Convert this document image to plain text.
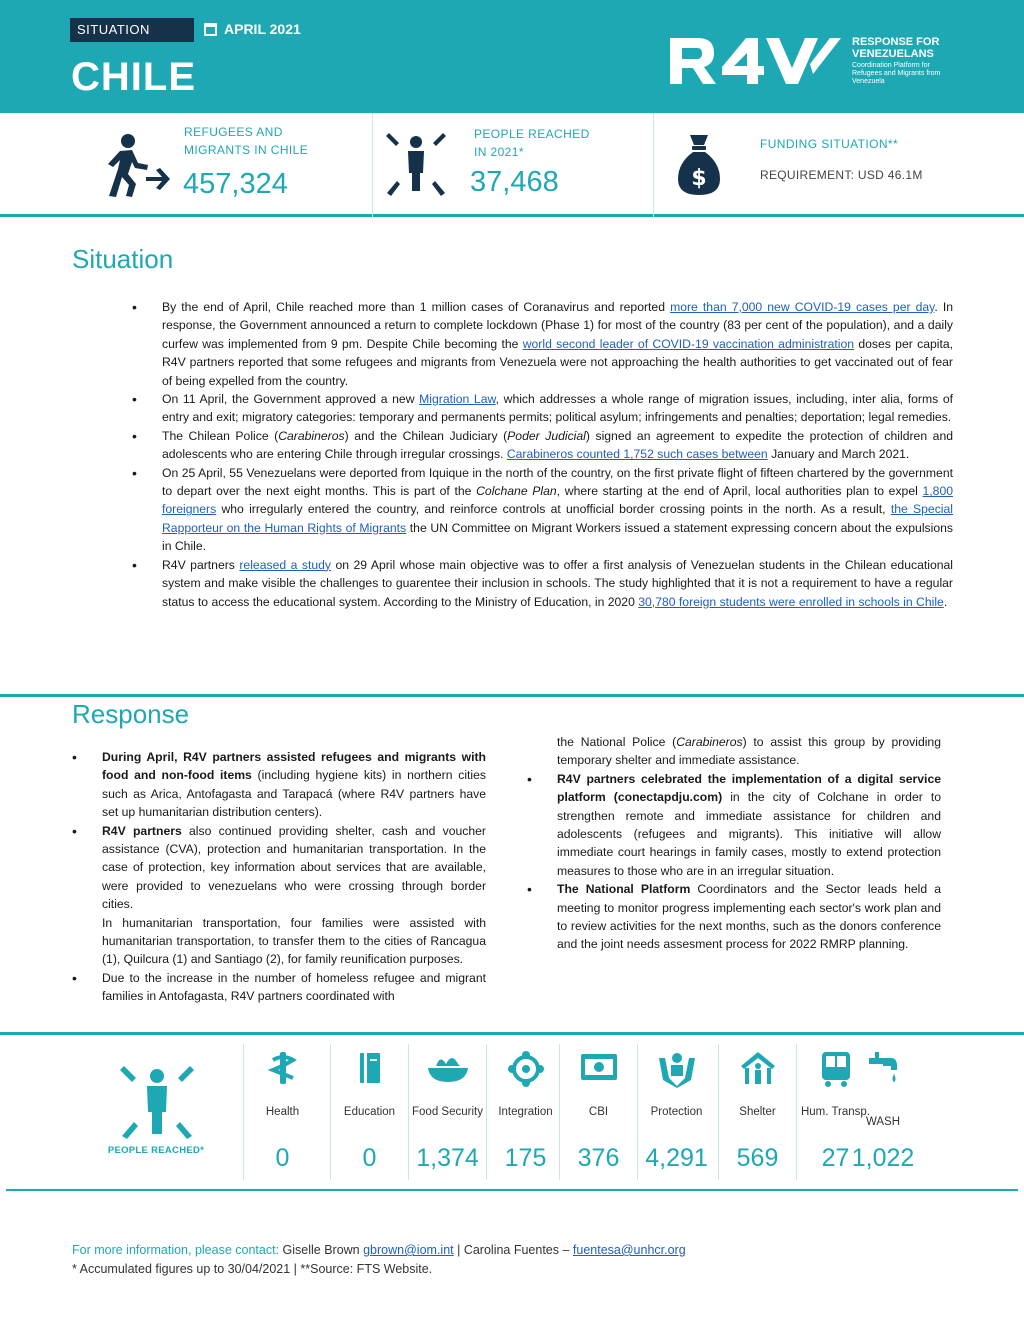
SITUATION	APRIL 2021
CHILE
RESPONSE FOR
VENEZUELANS
Coordination Platform for Refugees and Migrants from Venezuela
REFUGEES AND
MIGRANTS IN CHILE
457,324
PEOPLE REACHED
IN 2021*
37,468	$
FUNDING SITUATION**
REQUIREMENT: USD 46.1M
Situation
• By the end of April, Chile reached more than 1 million cases of Coranavirus and reported more than 7,000 new COVID-19 cases per day. In response, the Government announced a return to complete lockdown (Phase 1) for most of the country (83 per cent of the population), and a daily curfew was implemented from 9 pm. Despite Chile becoming the world second leader of COVID-19 vaccination administration doses per capita, R4V partners reported that some refugees and migrants from Venezuela were not approaching the health authorities to get vaccinated out of fear of being expelled from the country.
• On 11 April, the Government approved a new Migration Law, which addresses a whole range of migration issues, including, inter alia, forms of entry and exit; migratory categories: temporary and permanents permits; political asylum; infringements and penalties; deportation; legal remedies.
• The Chilean Police (Carabineros) and the Chilean Judiciary (Poder Judicial) signed an agreement to expedite the protection of children and adolescents who are entering Chile through irregular crossings. Carabineros counted 1,752 such cases between January and March 2021.
• On 25 April, 55 Venezuelans were deported from Iquique in the north of the country, on the first private flight of fifteen chartered by the government to depart over the next eight months. This is part of the Colchane Plan, where starting at the end of April, local authorities plan to expel 1,800 foreigners who irregularly entered the country, and reinforce controls at unofficial border crossing points in the north. As a result, the Special Rapporteur on the Human Rights of Migrants the UN Committee on Migrant Workers issued a statement expressing concern about the expulsions in Chile.
• R4V partners released a study on 29 April whose main objective was to offer a first analysis of Venezuelan students in the Chilean educational system and make visible the challenges to guarentee their inclusion in schools. The study highlighted that it is not a requirement to have a regular status to access the educational system. According to the Ministry of Education, in 2020 30,780 foreign students were enrolled in schools in Chile.
Response
• During April, R4V partners assisted refugees and migrants with food and non-food items (including hygiene kits) in northern cities such as Arica, Antofagasta and Tarapacá (where R4V partners have set up humanitarian distribution centers).
• R4V partners also continued providing shelter, cash and voucher assistance (CVA), protection and humanitarian transportation. In the case of protection, key information about services that are available, were provided to venezuelans who were crossing through border cities.

In humanitarian transportation, four families were assisted with humanitarian transportation, to transfer them to the cities of Rancagua (1), Quilcura (1) and Santiago (2), for family reunification purposes.

• Due to the increase in the number of homeless refugee and migrant families in Antofagasta, R4V partners coordinated with

the National Police (Carabineros) to assist this group by providing temporary shelter and immediate assistance.

• R4V partners celebrated the implementation of a digital service platform (conectapdju.com) in the city of Colchane in order to strengthen remote and immediate assistance for children and adolescents (refugees and migrants). This initiative will allow immediate court hearings in family cases, mostly to extend protection measures to those who are in an irregular situation.
• The National Platform Coordinators and the Sector leads held a meeting to monitor progress implementing each sector's work plan and to review activities for the next months, such as the donors conference and the joint needs assesment process for 2022 RMRP planning.
PEOPLE REACHED*
Health
0
Education
0
Food Security
1,374
Integration
175
CBI
376
Protection
4,291
Shelter
569
Hum. Transp.
27
WASH
1,022
For more information, please contact: Giselle Brown gbrown@iom.int | Carolina Fuentes – fuentesa@unhcr.org
* Accumulated figures up to 30/04/2021 | **Source: FTS Website.
